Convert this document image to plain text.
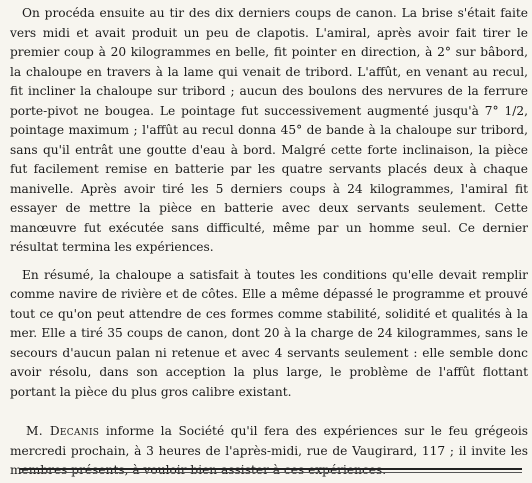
On procéda ensuite au tir des dix derniers coups de canon. La brise s'était faite vers midi et avait produit un peu de clapotis. L'amiral, après avoir fait tirer le premier coup à 20 kilogrammes en belle, fit pointer en direction, à 2° sur bâbord, la chaloupe en travers à la lame qui venait de tribord. L'affût, en venant au recul, fit incliner la chaloupe sur tribord ; aucun des boulons des nervures de la ferrure porte-pivot ne bougea. Le pointage fut successivement augmenté jusqu'à 7° 1/2, pointage maximum ; l'affût au recul donna 45° de bande à la chaloupe sur tribord, sans qu'il entrât une goutte d'eau à bord. Malgré cette forte inclinaison, la pièce fut facilement remise en batterie par les quatre servants placés deux à chaque manivelle. Après avoir tiré les 5 derniers coups à 24 kilogrammes, l'amiral fit essayer de mettre la pièce en batterie avec deux servants seulement. Cette manœuvre fut exécutée sans difficulté, même par un homme seul. Ce dernier résultat termina les expériences.

En résumé, la chaloupe a satisfait à toutes les conditions qu'elle devait remplir comme navire de rivière et de côtes. Elle a même dépassé le programme et prouvé tout ce qu'on peut attendre de ces formes comme stabilité, solidité et qualités à la mer. Elle a tiré 35 coups de canon, dont 20 à la charge de 24 kilogrammes, sans le secours d'aucun palan ni retenue et avec 4 servants seulement : elle semble donc avoir résolu, dans son acception la plus large, le problème de l'affût flottant portant la pièce du plus gros calibre existant.

M. Decanis informe la Société qu'il fera des expériences sur le feu grégeois mercredi prochain, à 3 heures de l'après-midi, rue de Vaugirard, 117 ; il invite les membres présents, à vouloir bien assister à ces expériences.
